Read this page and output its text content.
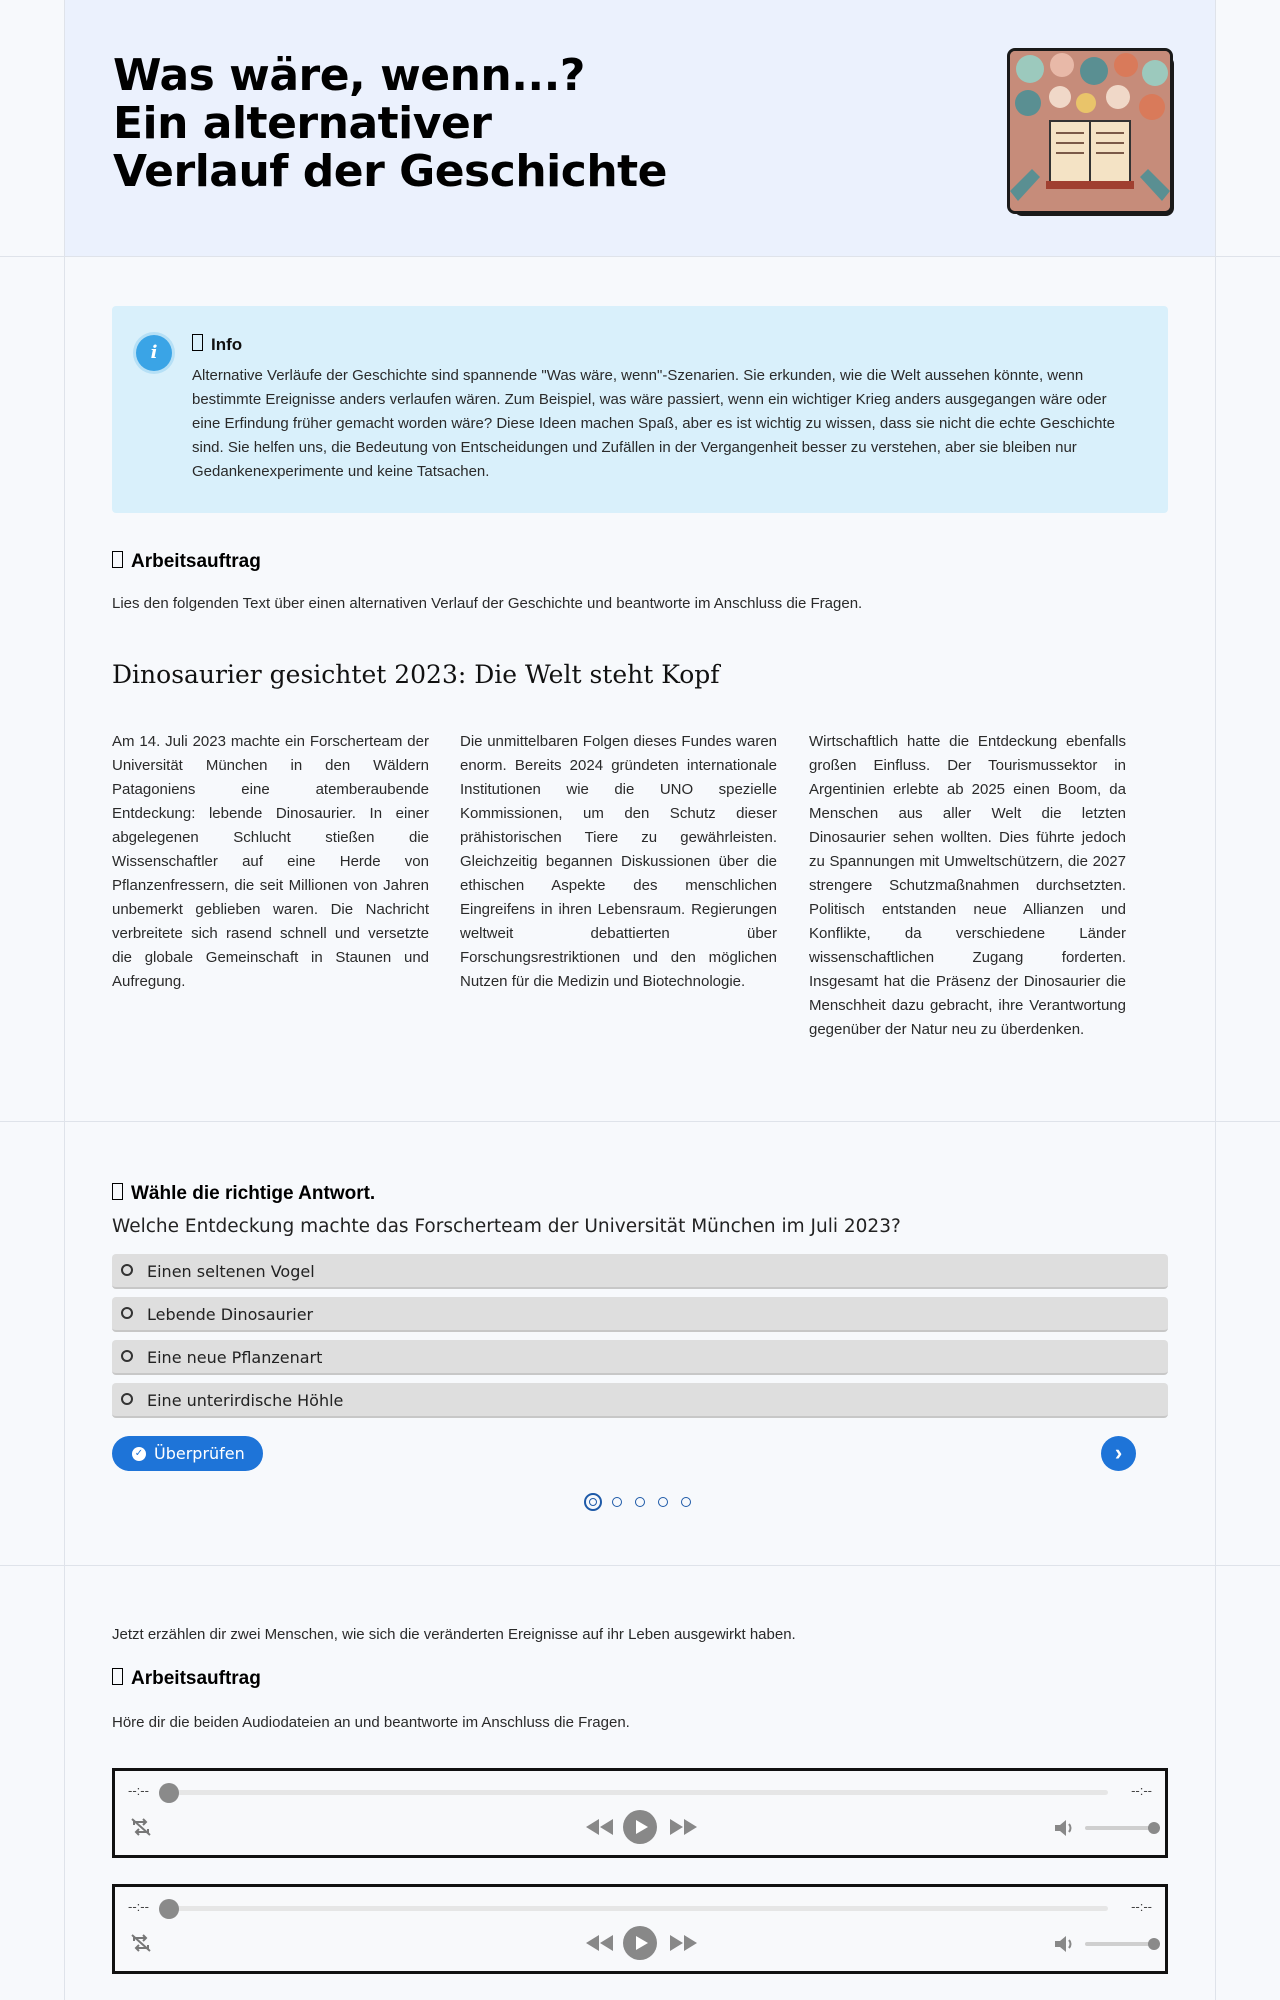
Was wäre, wenn...? Ein alternativer Verlauf der Geschichte
i	Info
Alternative Verläufe der Geschichte sind spannende "Was wäre, wenn"-Szenarien. Sie erkunden, wie die Welt aussehen könnte, wenn bestimmte Ereignisse anders verlaufen wären. Zum Beispiel, was wäre passiert, wenn ein wichtiger Krieg anders ausgegangen wäre oder eine Erfindung früher gemacht worden wäre? Diese Ideen machen Spaß, aber es ist wichtig zu wissen, dass sie nicht die echte Geschichte sind. Sie helfen uns, die Bedeutung von Entscheidungen und Zufällen in der Vergangenheit besser zu verstehen, aber sie bleiben nur Gedankenexperimente und keine Tatsachen.
Arbeitsauftrag
Lies den folgenden Text über einen alternativen Verlauf der Geschichte und beantworte im Anschluss die Fragen.
Dinosaurier gesichtet 2023: Die Welt steht Kopf
Am 14. Juli 2023 machte ein Forscherteam der Universität München in den Wäldern Patagoniens eine atemberaubende Entdeckung: lebende Dinosaurier. In einer abgelegenen Schlucht stießen die Wissenschaftler auf eine Herde von Pflanzenfressern, die seit Millionen von Jahren unbemerkt geblieben waren. Die Nachricht verbreitete sich rasend schnell und versetzte die globale Gemeinschaft in Staunen und Aufregung.
Die unmittelbaren Folgen dieses Fundes waren enorm. Bereits 2024 gründeten internationale Institutionen wie die UNO spezielle Kommissionen, um den Schutz dieser prähistorischen Tiere zu gewährleisten. Gleichzeitig begannen Diskussionen über die ethischen Aspekte des menschlichen Eingreifens in ihren Lebensraum. Regierungen weltweit debattierten über Forschungsrestriktionen und den möglichen Nutzen für die Medizin und Biotechnologie.
Wirtschaftlich hatte die Entdeckung ebenfalls großen Einfluss. Der Tourismussektor in Argentinien erlebte ab 2025 einen Boom, da Menschen aus aller Welt die letzten Dinosaurier sehen wollten. Dies führte jedoch zu Spannungen mit Umweltschützern, die 2027 strengere Schutzmaßnahmen durchsetzten. Politisch entstanden neue Allianzen und Konflikte, da verschiedene Länder wissenschaftlichen Zugang forderten. Insgesamt hat die Präsenz der Dinosaurier die Menschheit dazu gebracht, ihre Verantwortung gegenüber der Natur neu zu überdenken.
Wähle die richtige Antwort.
Welche Entdeckung machte das Forscherteam der Universität München im Juli 2023?
Einen seltenen Vogel
Lebende Dinosaurier
Eine neue Pflanzenart
Eine unterirdische Höhle
✓ Überprüfen	›
Jetzt erzählen dir zwei Menschen, wie sich die veränderten Ereignisse auf ihr Leben ausgewirkt haben.
Arbeitsauftrag
Höre dir die beiden Audiodateien an und beantworte im Anschluss die Fragen.
--:--	--:--
--:--	--:--
